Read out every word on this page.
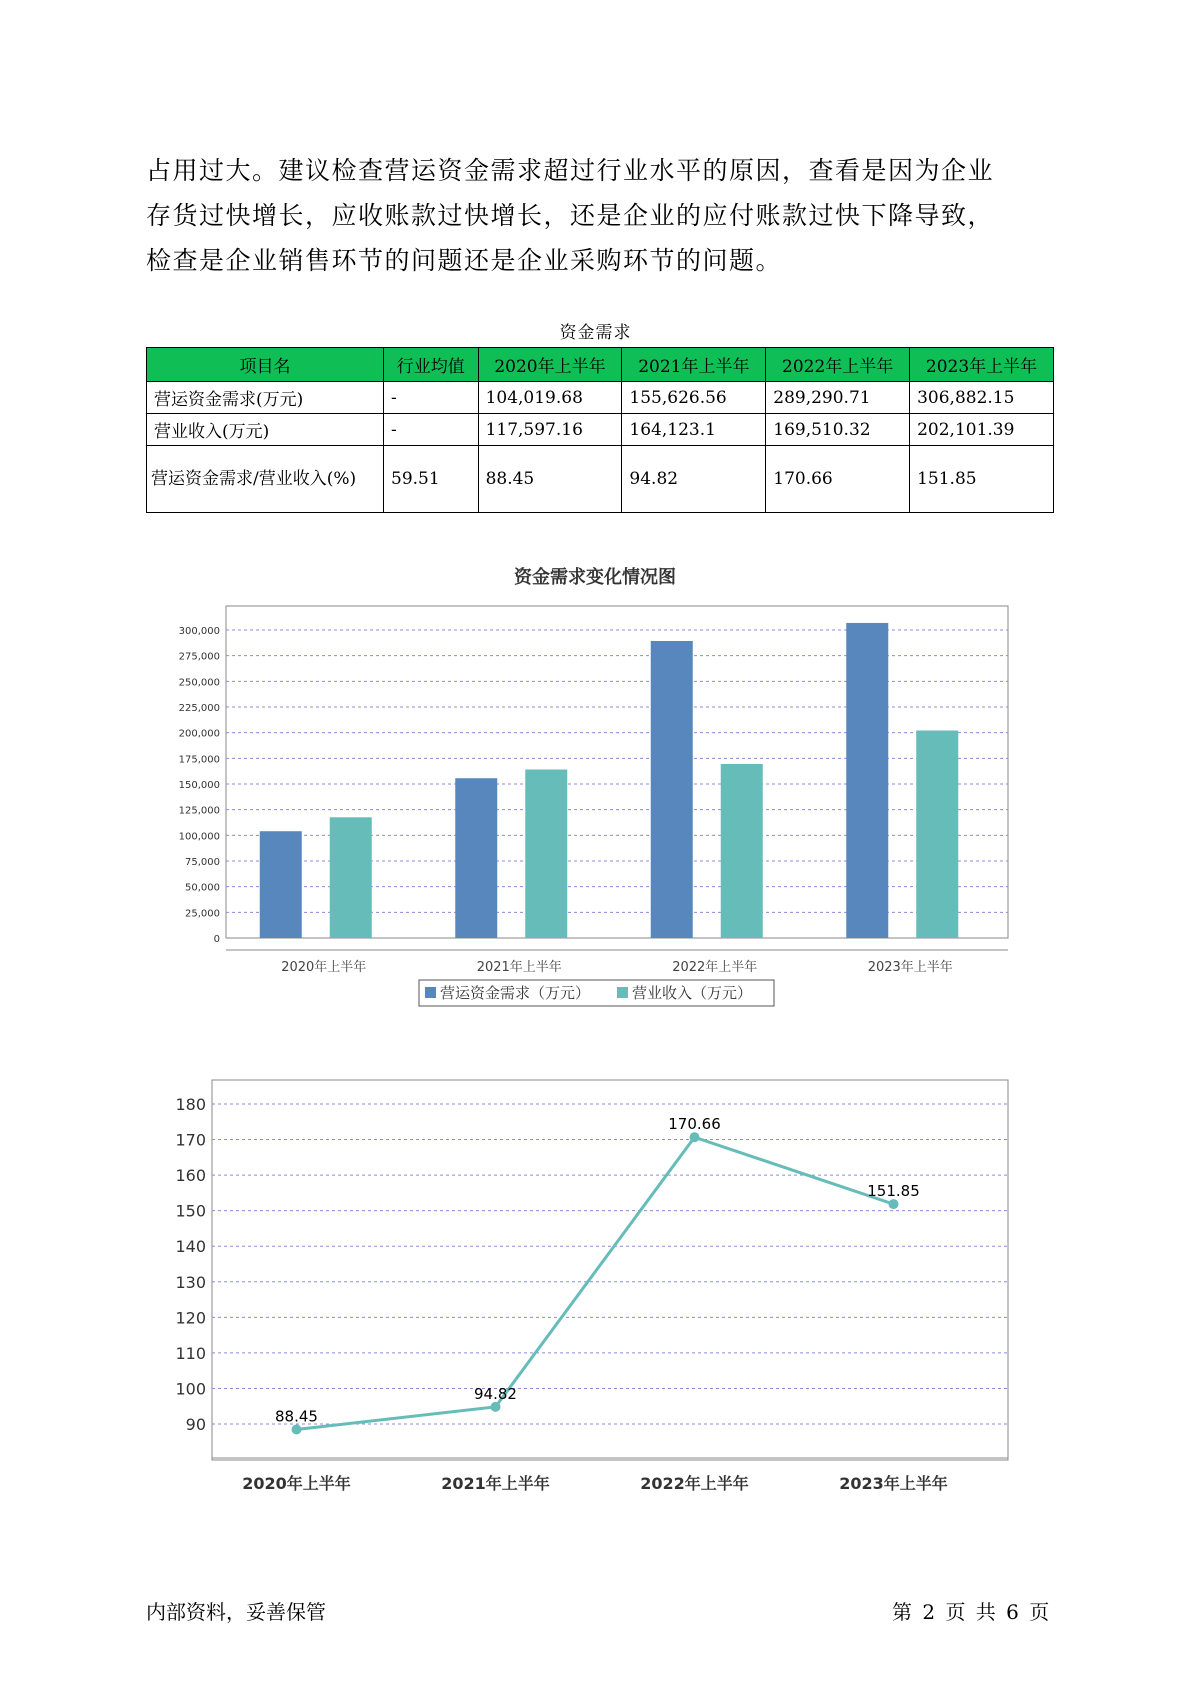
占用过大。建议检查营运资金需求超过行业水平的原因，查看是因为企业
存货过快增长，应收账款过快增长，还是企业的应付账款过快下降导致，
检查是企业销售环节的问题还是企业采购环节的问题。
资金需求
项目名	行业均值	2020年上半年	2021年上半年	2022年上半年	2023年上半年
营运资金需求(万元)	-	104,019.68	155,626.56	289,290.71	306,882.15
营业收入(万元)	-	117,597.16	164,123.1	169,510.32	202,101.39
营运资金需求/营业收入(%)	59.51	88.45	94.82	170.66	151.85
资金需求变化情况图
0
25,000
50,000
75,000
100,000
125,000
150,000
175,000
200,000
225,000
250,000
275,000
300,000
2020年上半年	2021年上半年	2022年上半年	2023年上半年
营运资金需求（万元）	营业收入（万元）
90
100
110
120
130
140
150
160
170
180
88.45
94.82
170.66
151.85
2020年上半年	2021年上半年	2022年上半年	2023年上半年
内部资料，妥善保管	第 2 页 共 6 页
